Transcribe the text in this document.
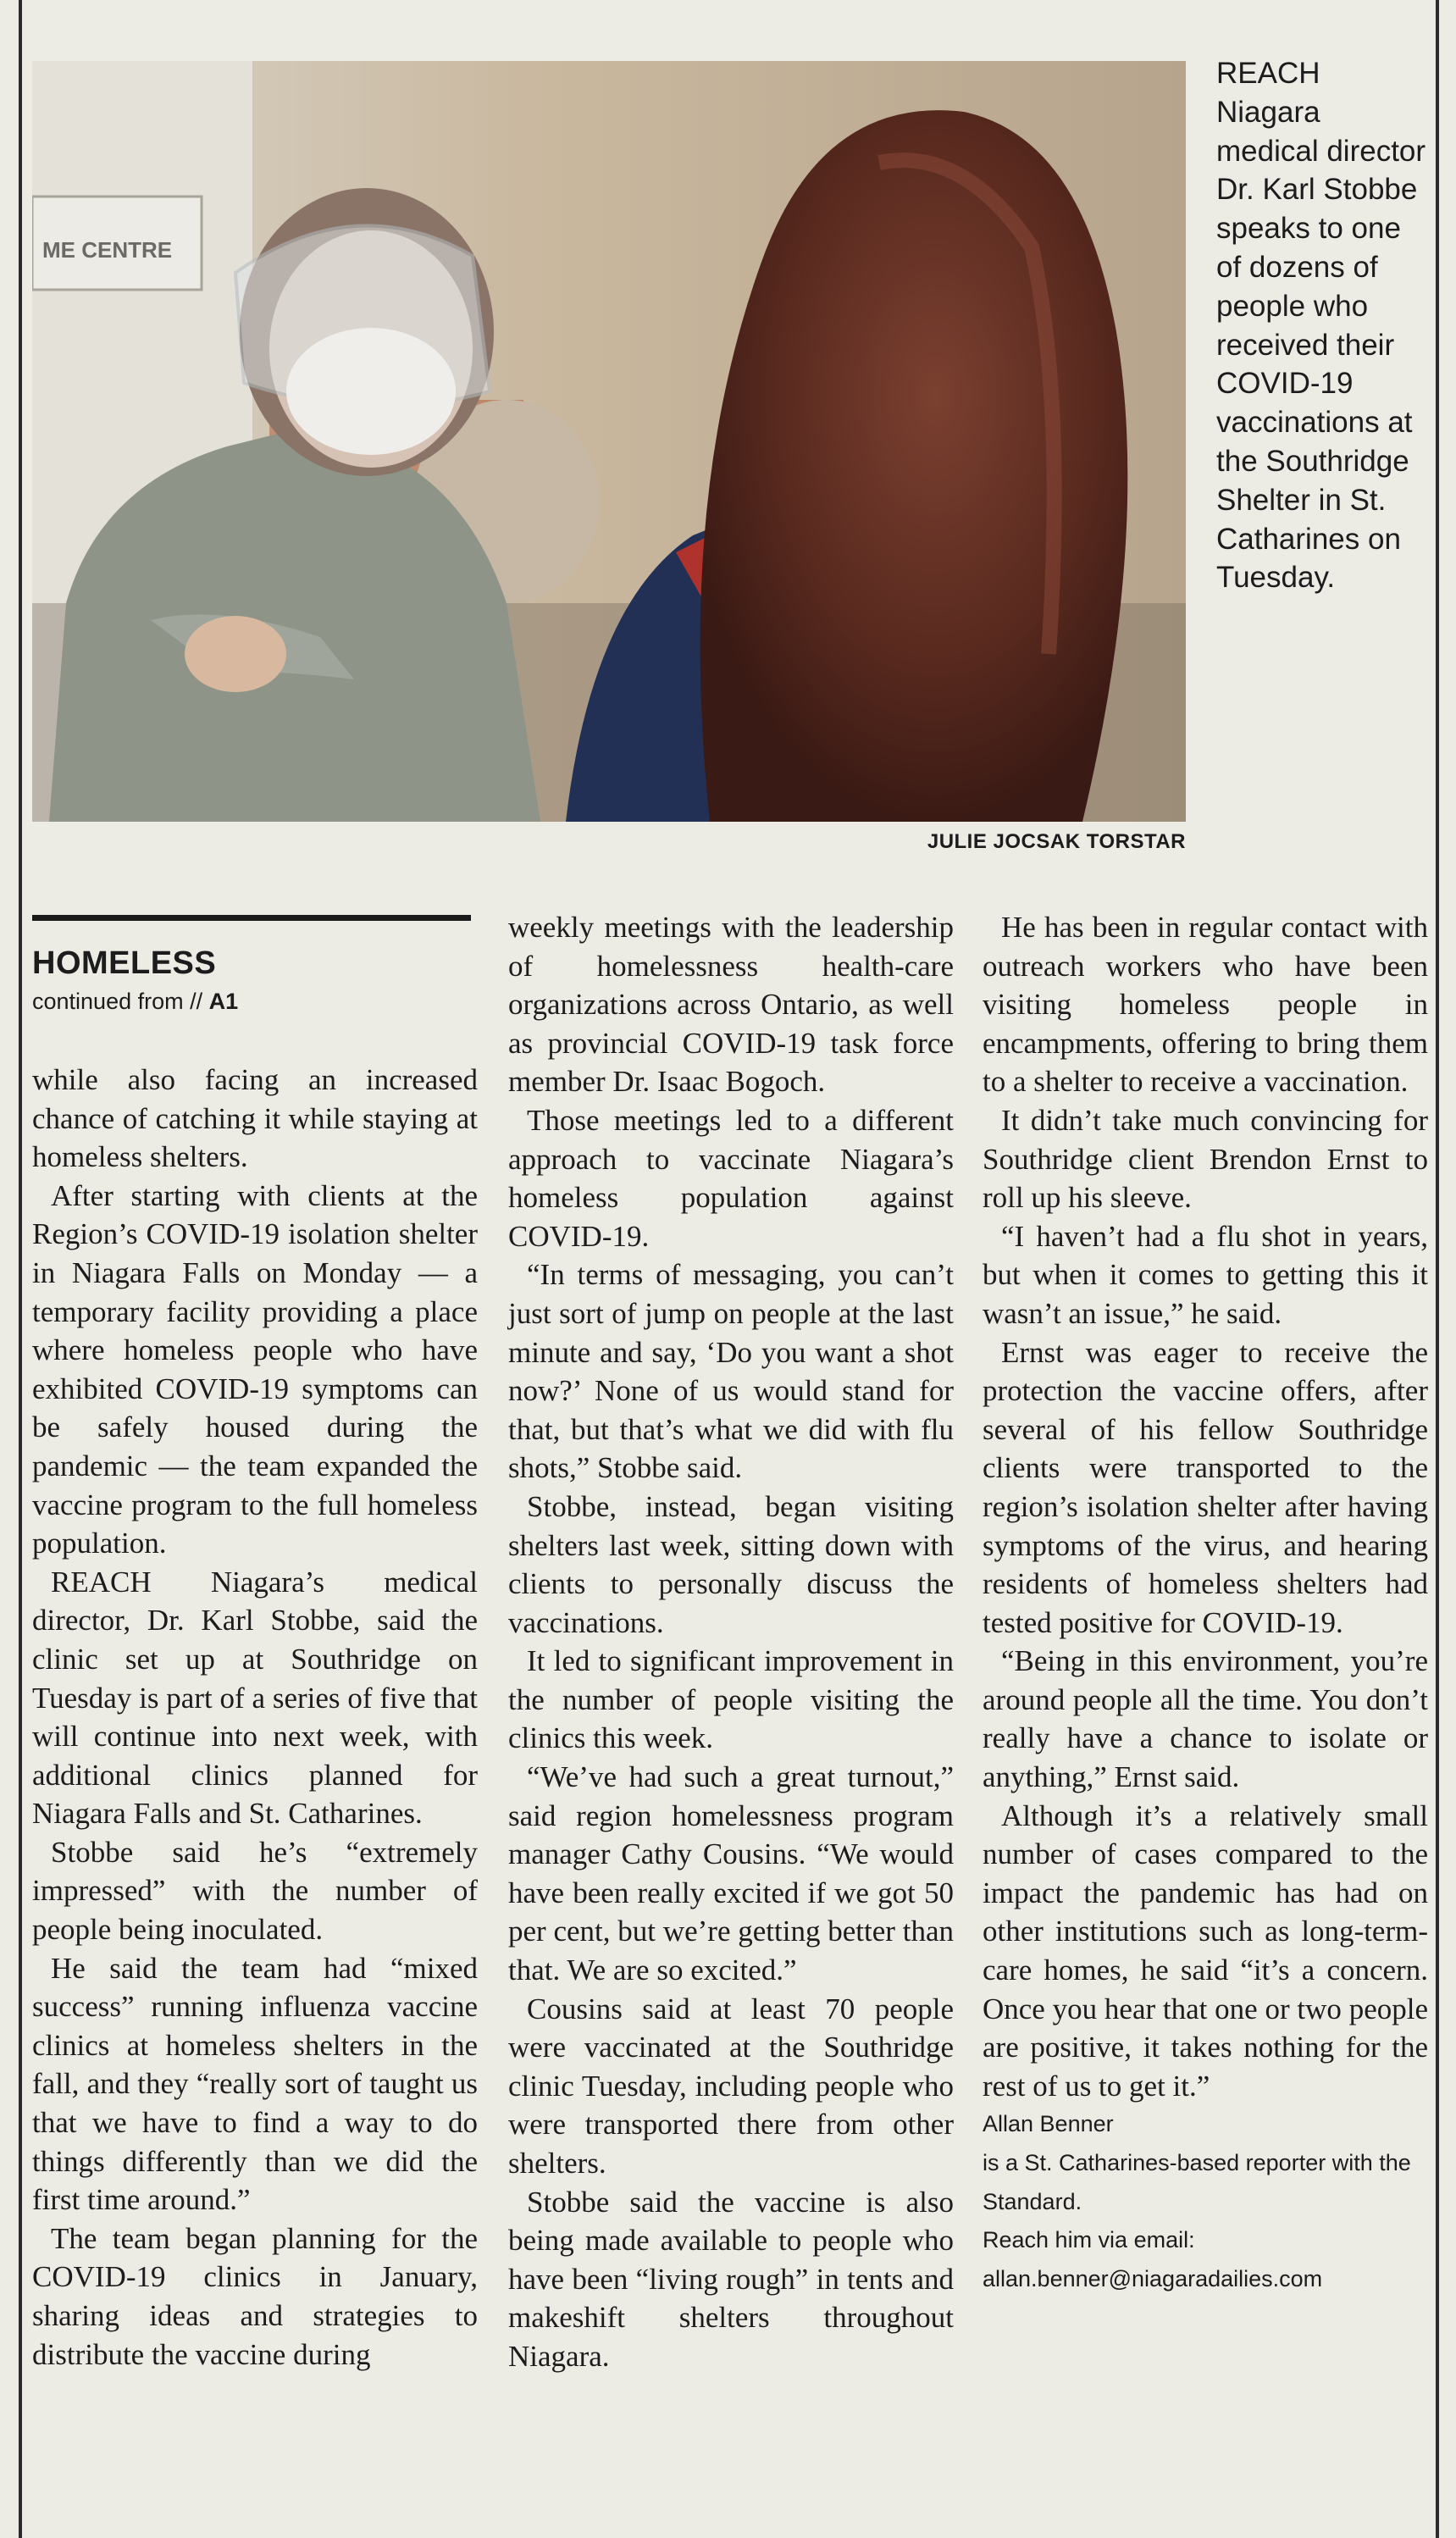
ME CENTRE
REACH Niagara medical director Dr. Karl Stobbe speaks to one of dozens of people who received their COVID-19 vaccinations at the Southridge Shelter in St. Catharines on Tuesday.
JULIE JOCSAK TORSTAR
HOMELESS
continued from // A1

while also facing an increased chance of catching it while staying at homeless shelters.

After starting with clients at the Region’s COVID-19 isolation shelter in Niagara Falls on Monday — a temporary facility providing a place where homeless people who have exhibited COVID-19 symptoms can be safely housed during the pandemic — the team expanded the vaccine program to the full homeless population.

REACH Niagara’s medical director, Dr. Karl Stobbe, said the clinic set up at Southridge on Tuesday is part of a series of five that will continue into next week, with additional clinics planned for Niagara Falls and St. Catharines.

Stobbe said he’s “extremely impressed” with the number of people being inoculated.

He said the team had “mixed success” running influenza vaccine clinics at homeless shelters in the fall, and they “really sort of taught us that we have to find a way to do things differently than we did the first time around.”

The team began planning for the COVID-19 clinics in January, sharing ideas and strategies to distribute the vaccine during

weekly meetings with the leadership of homelessness health-care organizations across Ontario, as well as provincial COVID-19 task force member Dr. Isaac Bogoch.

Those meetings led to a different approach to vaccinate Niagara’s homeless population against COVID-19.

“In terms of messaging, you can’t just sort of jump on people at the last minute and say, ‘Do you want a shot now?’ None of us would stand for that, but that’s what we did with flu shots,” Stobbe said.

Stobbe, instead, began visiting shelters last week, sitting down with clients to personally discuss the vaccinations.

It led to significant improvement in the number of people visiting the clinics this week.

“We’ve had such a great turnout,” said region homelessness program manager Cathy Cousins. “We would have been really excited if we got 50 per cent, but we’re getting better than that. We are so excited.”

Cousins said at least 70 people were vaccinated at the Southridge clinic Tuesday, including people who were transported there from other shelters.

Stobbe said the vaccine is also being made available to people who have been “living rough” in tents and makeshift shelters throughout Niagara.

He has been in regular contact with outreach workers who have been visiting homeless people in encampments, offering to bring them to a shelter to receive a vaccination.

It didn’t take much convincing for Southridge client Brendon Ernst to roll up his sleeve.

“I haven’t had a flu shot in years, but when it comes to getting this it wasn’t an issue,” he said.

Ernst was eager to receive the protection the vaccine offers, after several of his fellow Southridge clients were transported to the region’s isolation shelter after having symptoms of the virus, and hearing residents of homeless shelters had tested positive for COVID-19.

“Being in this environment, you’re around people all the time. You don’t really have a chance to isolate or anything,” Ernst said.

Although it’s a relatively small number of cases compared to the impact the pandemic has had on other institutions such as long-term-care homes, he said “it’s a concern. Once you hear that one or two people are positive, it takes nothing for the rest of us to get it.”

Allan Benner
is a St. Catharines-based reporter with the Standard.
Reach him via email:
allan.benner@niagaradailies.com
